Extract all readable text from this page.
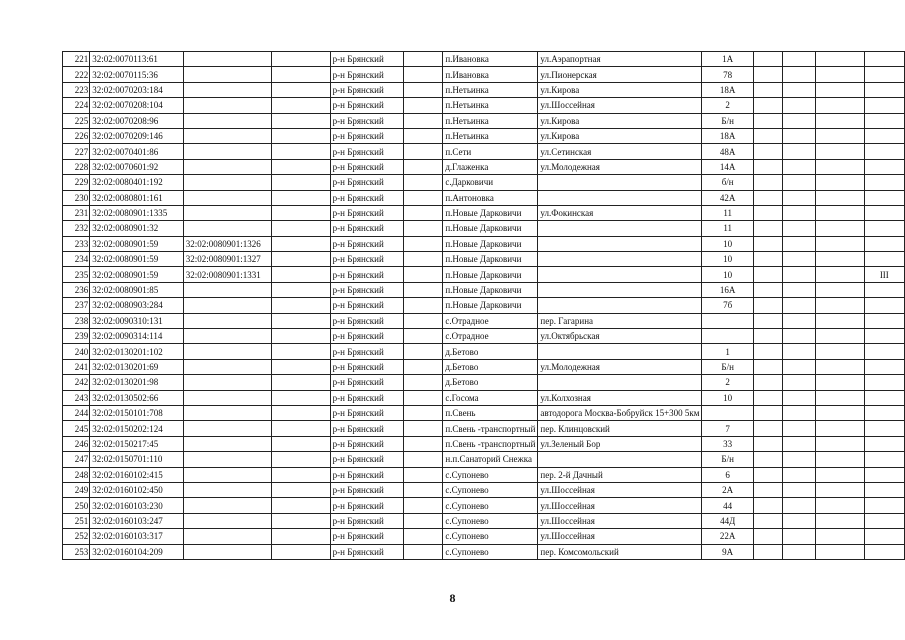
221	32:02:0070113:61			р-н Брянский		п.Ивановка	ул.Аэрапортная	1А				
222	32:02:0070115:36			р-н Брянский		п.Ивановка	ул.Пионерская	78				
223	32:02:0070203:184			р-н Брянский		п.Нетьинка	ул.Кирова	18А				
224	32:02:0070208:104			р-н Брянский		п.Нетьинка	ул.Шоссейная	2				
225	32:02:0070208:96			р-н Брянский		п.Нетьинка	ул.Кирова	Б/н				
226	32:02:0070209:146			р-н Брянский		п.Нетьинка	ул.Кирова	18А				
227	32:02:0070401:86			р-н Брянский		п.Сети	ул.Сетинская	48А				
228	32:02:0070601:92			р-н Брянский		д.Глаженка	ул.Молодежная	14А				
229	32:02:0080401:192			р-н Брянский		с.Дарковичи		б/н				
230	32:02:0080801:161			р-н Брянский		п.Антоновка		42А				
231	32:02:0080901:1335			р-н Брянский		п.Новые Дарковичи	ул.Фокинская	11				
232	32:02:0080901:32			р-н Брянский		п.Новые Дарковичи		11				
233	32:02:0080901:59	32:02:0080901:1326		р-н Брянский		п.Новые Дарковичи		10				
234	32:02:0080901:59	32:02:0080901:1327		р-н Брянский		п.Новые Дарковичи		10				
235	32:02:0080901:59	32:02:0080901:1331		р-н Брянский		п.Новые Дарковичи		10				III
236	32:02:0080901:85			р-н Брянский		п.Новые Дарковичи		16А				
237	32:02:0080903:284			р-н Брянский		п.Новые Дарковичи		7б				
238	32:02:0090310:131			р-н Брянский		с.Отрадное	пер. Гагарина					
239	32:02:0090314:114			р-н Брянский		с.Отрадное	ул.Октябрьская					
240	32:02:0130201:102			р-н Брянский		д.Бетово		1				
241	32:02:0130201:69			р-н Брянский		д.Бетово	ул.Молодежная	Б/н				
242	32:02:0130201:98			р-н Брянский		д.Бетово		2				
243	32:02:0130502:66			р-н Брянский		с.Госома	ул.Колхозная	10				
244	32:02:0150101:708			р-н Брянский		п.Свень	автодорога Москва-Бобруйск 15+300 5км					
245	32:02:0150202:124			р-н Брянский		п.Свень -транспортный	пер. Клинцовский	7				
246	32:02:0150217:45			р-н Брянский		п.Свень -транспортный	ул.Зеленый Бор	33				
247	32:02:0150701:110			р-н Брянский		н.п.Санаторий Снежка		Б/н				
248	32:02:0160102:415			р-н Брянский		с.Супонево	пер. 2-й Дачный	6				
249	32:02:0160102:450			р-н Брянский		с.Супонево	ул.Шоссейная	2А				
250	32:02:0160103:230			р-н Брянский		с.Супонево	ул.Шоссейная	44				
251	32:02:0160103:247			р-н Брянский		с.Супонево	ул.Шоссейная	44Д				
252	32:02:0160103:317			р-н Брянский		с.Супонево	ул.Шоссейная	22А				
253	32:02:0160104:209			р-н Брянский		с.Супонево	пер. Комсомольский	9А				
8
